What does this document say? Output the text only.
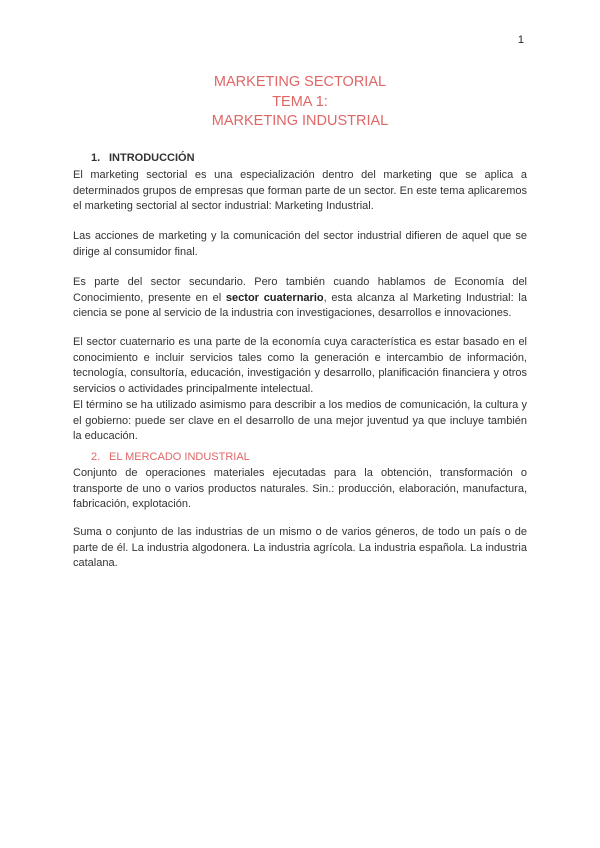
1
MARKETING SECTORIAL
TEMA 1:
MARKETING INDUSTRIAL
1. INTRODUCCIÓN

El marketing sectorial es una especialización dentro del marketing que se aplica a determinados grupos de empresas que forman parte de un sector. En este tema aplicaremos el marketing sectorial al sector industrial: Marketing Industrial.

Las acciones de marketing y la comunicación del sector industrial difieren de aquel que se dirige al consumidor final.

Es parte del sector secundario. Pero también cuando hablamos de Economía del Conocimiento, presente en el sector cuaternario, esta alcanza al Marketing Industrial: la ciencia se pone al servicio de la industria con investigaciones, desarrollos e innovaciones.

El sector cuaternario es una parte de la economía cuya característica es estar basado en el conocimiento e incluir servicios tales como la generación e intercambio de información, tecnología, consultoría, educación, investigación y desarrollo, planificación financiera y otros servicios o actividades principalmente intelectual.

El término se ha utilizado asimismo para describir a los medios de comunicación, la cultura y el gobierno: puede ser clave en el desarrollo de una mejor juventud ya que incluye también la educación.

2. EL MERCADO INDUSTRIAL

Conjunto de operaciones materiales ejecutadas para la obtención, transformación o transporte de uno o varios productos naturales. Sin.: producción, elaboración, manufactura, fabricación, explotación.

Suma o conjunto de las industrias de un mismo o de varios géneros, de todo un país o de parte de él. La industria algodonera. La industria agrícola. La industria española. La industria catalana.
